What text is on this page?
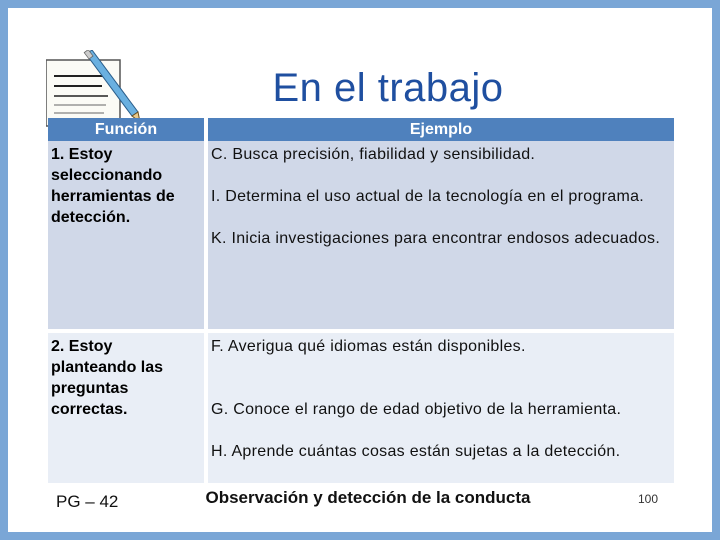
En el trabajo
Función	Ejemplo
1. Estoy seleccionando herramientas de detección.	C. Busca precisión, fiabilidad y sensibilidad.
I. Determina el uso actual de la tecnología en el programa.
K. Inicia investigaciones para encontrar endosos adecuados.

2. Estoy planteando las preguntas correctas.	F. Averigua qué idiomas están disponibles.
G. Conoce el rango de edad objetivo de la herramienta.
H. Aprende cuántas cosas están sujetas a la detección.
PG – 42	Observación y detección de la conducta	100
